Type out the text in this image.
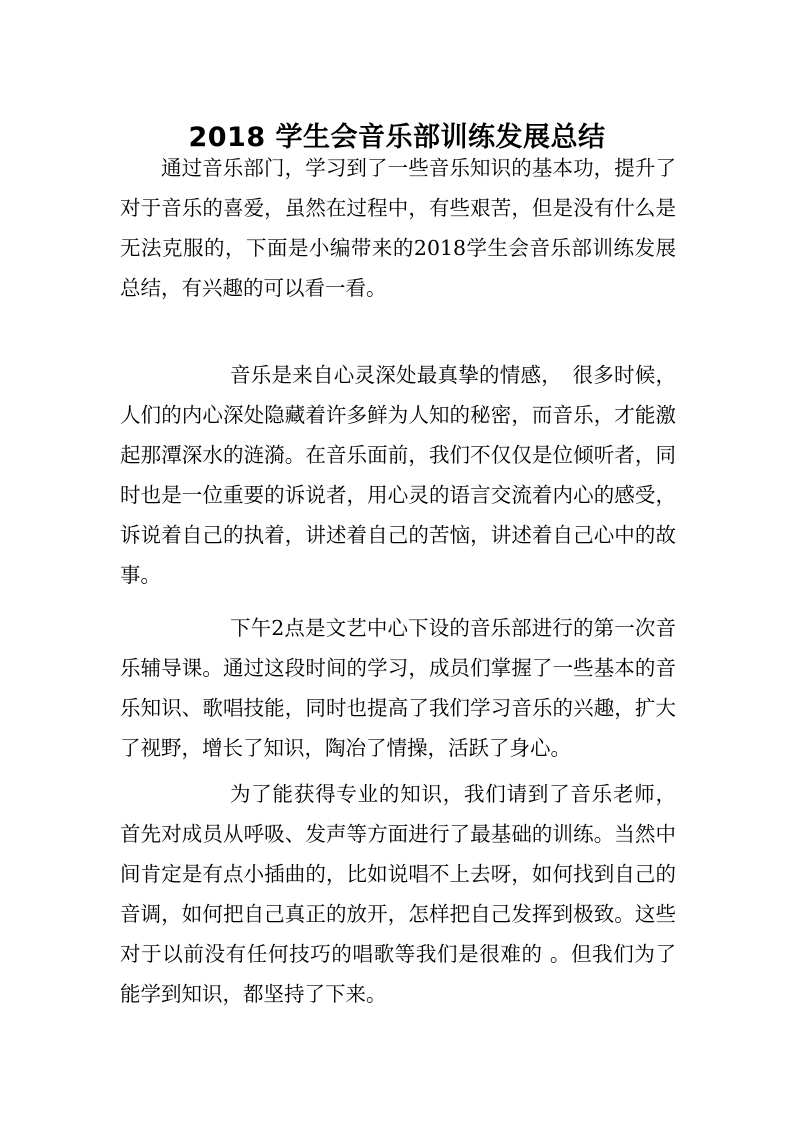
2018 学生会音乐部训练发展总结

通过音乐部门，学习到了一些音乐知识的基本功，提升了对于音乐的喜爱，虽然在过程中，有些艰苦，但是没有什么是无法克服的，下面是小编带来的2018学生会音乐部训练发展总结，有兴趣的可以看一看。

音乐是来自心灵深处最真挚的情感，　很多时候，人们的内心深处隐藏着许多鲜为人知的秘密，而音乐，才能激起那潭深水的涟漪。在音乐面前，我们不仅仅是位倾听者，同时也是一位重要的诉说者，用心灵的语言交流着内心的感受，诉说着自己的执着，讲述着自己的苦恼，讲述着自己心中的故事。

下午2点是文艺中心下设的音乐部进行的第一次音乐辅导课。通过这段时间的学习，成员们掌握了一些基本的音乐知识、歌唱技能，同时也提高了我们学习音乐的兴趣，扩大了视野，增长了知识，陶冶了情操，活跃了身心。

为了能获得专业的知识，我们请到了音乐老师，首先对成员从呼吸、发声等方面进行了最基础的训练。当然中间肯定是有点小插曲的，比如说唱不上去呀，如何找到自己的音调，如何把自己真正的放开，怎样把自己发挥到极致。这些对于以前没有任何技巧的唱歌等我们是很难的 。但我们为了能学到知识，都坚持了下来。
